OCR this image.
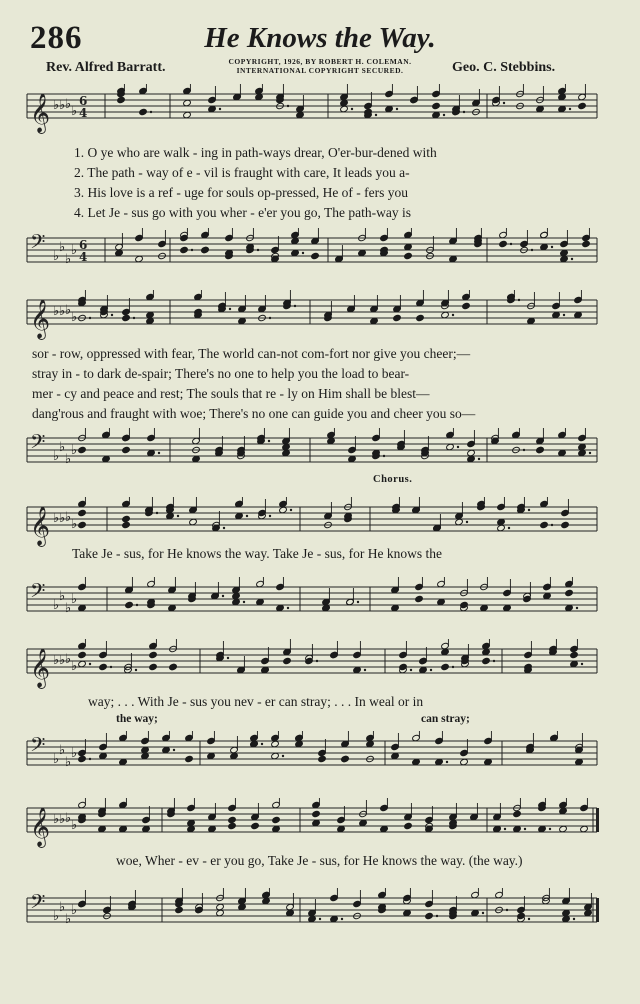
286	He Knows the Way.
Rev. Alfred Barratt.	COPYRIGHT, 1926, BY ROBERT H. COLEMAN.
INTERNATIONAL COPYRIGHT SECURED.	Geo. C. Stebbins.
𝄞 ♭ ♭ ♭ ♭
6
4
𝄢 ♭
♭
♭
♭ 6
4
1. O ye who are walk - ing in path-ways drear, O'er-bur-dened with
2. The path - way of e - vil is fraught with care, It leads you a-
3. His love is a ref - uge for souls op-pressed, He of - fers you
4. Let Je - sus go with you wher - e'er you go, The path-way is
𝄞 ♭ ♭ ♭ ♭
𝄢 ♭
♭
♭
♭
sor - row, oppressed with fear, The world can-not com-fort nor give you cheer;—
stray in - to dark de-spair; There's no one to help you the load to bear-
mer - cy and peace and rest; The souls that re - ly on Him shall be blest—
dang'rous and fraught with woe; There's no one can guide you and cheer you so—
Chorus.
𝄞 ♭ ♭ ♭ ♭
𝄢 ♭
♭
♭
♭
Take Je - sus, for He knows the way. Take Je - sus, for He knows the
𝄞 ♭ ♭ ♭ ♭
𝄢 ♭
♭
♭
♭
way; . . . With Je - sus you nev - er can stray; . . . In weal or in
the way;	can stray;
𝄞 ♭ ♭ ♭ ♭
𝄢 ♭
♭
♭
♭
woe, Wher - ev - er you go, Take Je - sus, for He knows the way. (the way.)
